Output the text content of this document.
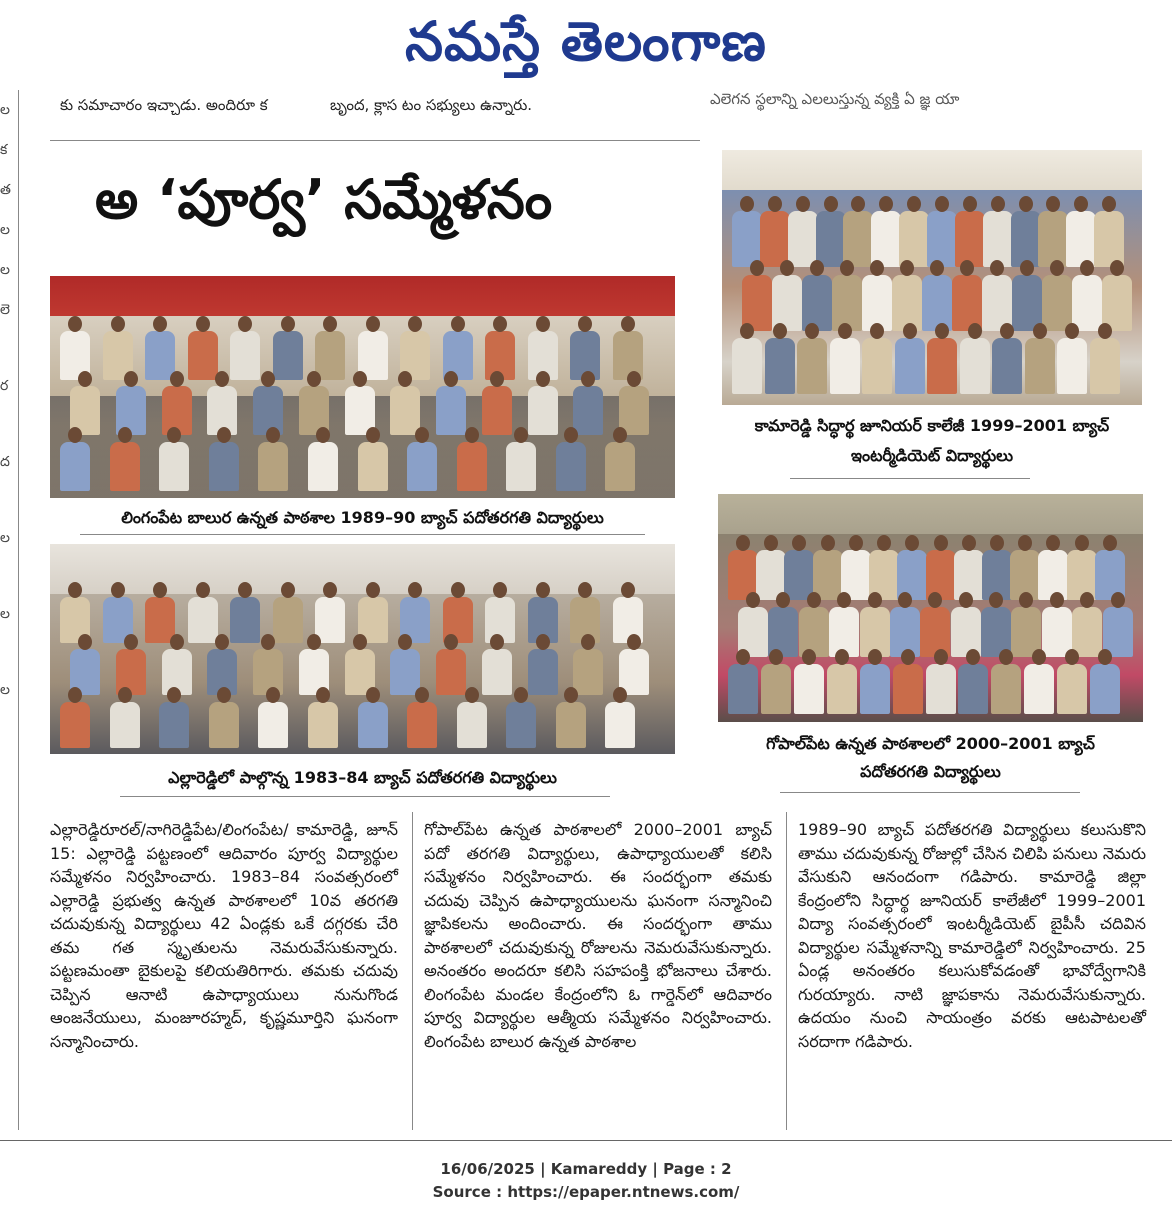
నమస్తే తెలంగాణ
కు సమాచారం ఇచ్చాడు. అందిరూ క	బృంద, క్లాస టం సభ్యులు ఉన్నారు.	ఎలెగన స్థలాన్ని ఎలలుస్తున్న వ్యక్తి ఏ జ్ఞ యా
ల
క
త
ల
ల
లె
ర
ద
ల
ల
ల
అ ‘పూర్వ’ సమ్మేళనం
లింగంపేట బాలుర ఉన్నత పాఠశాల 1989–90 బ్యాచ్ పదోతరగతి విద్యార్థులు
ఎల్లారెడ్డిలో పాల్గొన్న 1983–84 బ్యాచ్ పదోతరగతి విద్యార్థులు
కామారెడ్డి సిద్ధార్థ జూనియర్ కాలేజీ 1999–2001 బ్యాచ్
ఇంటర్మీడియెట్ విద్యార్థులు
గోపాల్‌పేట ఉన్నత పాఠశాలలో 2000–2001 బ్యాచ్
పదోతరగతి విద్యార్థులు

ఎల్లారెడ్డిరూరల్/నాగిరెడ్డిపేట/లింగంపేట/ కామారెడ్డి, జూన్ 15: ఎల్లారెడ్డి పట్టణంలో ఆదివారం పూర్వ విద్యార్థుల సమ్మేళనం నిర్వహించారు. 1983–84 సంవత్సరంలో ఎల్లారెడ్డి ప్రభుత్వ ఉన్నత పాఠశాలలో 10వ తరగతి చదువుకున్న విద్యార్థులు 42 ఏండ్లకు ఒకే దగ్గరకు చేరి తమ గత స్మృతులను నెమరువేసుకున్నారు. పట్టణమంతా బైకులపై కలియతిరిగారు. తమకు చదువు చెప్పిన ఆనాటి ఉపాధ్యాయులు నునుగొండ ఆంజనేయులు, మంజూరహ్మద్, కృష్ణమూర్తిని ఘనంగా సన్మానించారు.

గోపాల్‌పేట ఉన్నత పాఠశాలలో 2000–2001 బ్యాచ్ పదో తరగతి విద్యార్థులు, ఉపాధ్యాయులతో కలిసి సమ్మేళనం నిర్వహించారు. ఈ సందర్భంగా తమకు చదువు చెప్పిన ఉపాధ్యాయులను ఘనంగా సన్మానించి జ్ఞాపికలను అందించారు. ఈ సందర్భంగా తాము పాఠశాలలో చదువుకున్న రోజులను నెమరువేసుకున్నారు. అనంతరం అందరూ కలిసి సహపంక్తి భోజనాలు చేశారు. లింగంపేట మండల కేంద్రంలోని ఓ గార్డెన్‌లో ఆదివారం పూర్వ విద్యార్థుల ఆత్మీయ సమ్మేళనం నిర్వహించారు. లింగంపేట బాలుర ఉన్నత పాఠశాల

1989–90 బ్యాచ్ పదోతరగతి విద్యార్థులు కలుసుకొని తాము చదువుకున్న రోజుల్లో చేసిన చిలిపి పనులు నెమరు వేసుకుని ఆనందంగా గడిపారు. కామారెడ్డి జిల్లా కేంద్రంలోని సిద్ధార్థ జూనియర్ కాలేజీలో 1999–2001 విద్యా సంవత్సరంలో ఇంటర్మీడియెట్ బైపీసీ చదివిన విద్యార్థుల సమ్మేళనాన్ని కామారెడ్డిలో నిర్వహించారు. 25 ఏండ్ల అనంతరం కలుసుకోవడంతో భావోద్వేగానికి గురయ్యారు. నాటి జ్ఞాపకాను నెమరువేసుకున్నారు. ఉదయం నుంచి సాయంత్రం వరకు ఆటపాటలతో సరదాగా గడిపారు.

16/06/2025 | Kamareddy | Page : 2
Source : https://epaper.ntnews.com/
